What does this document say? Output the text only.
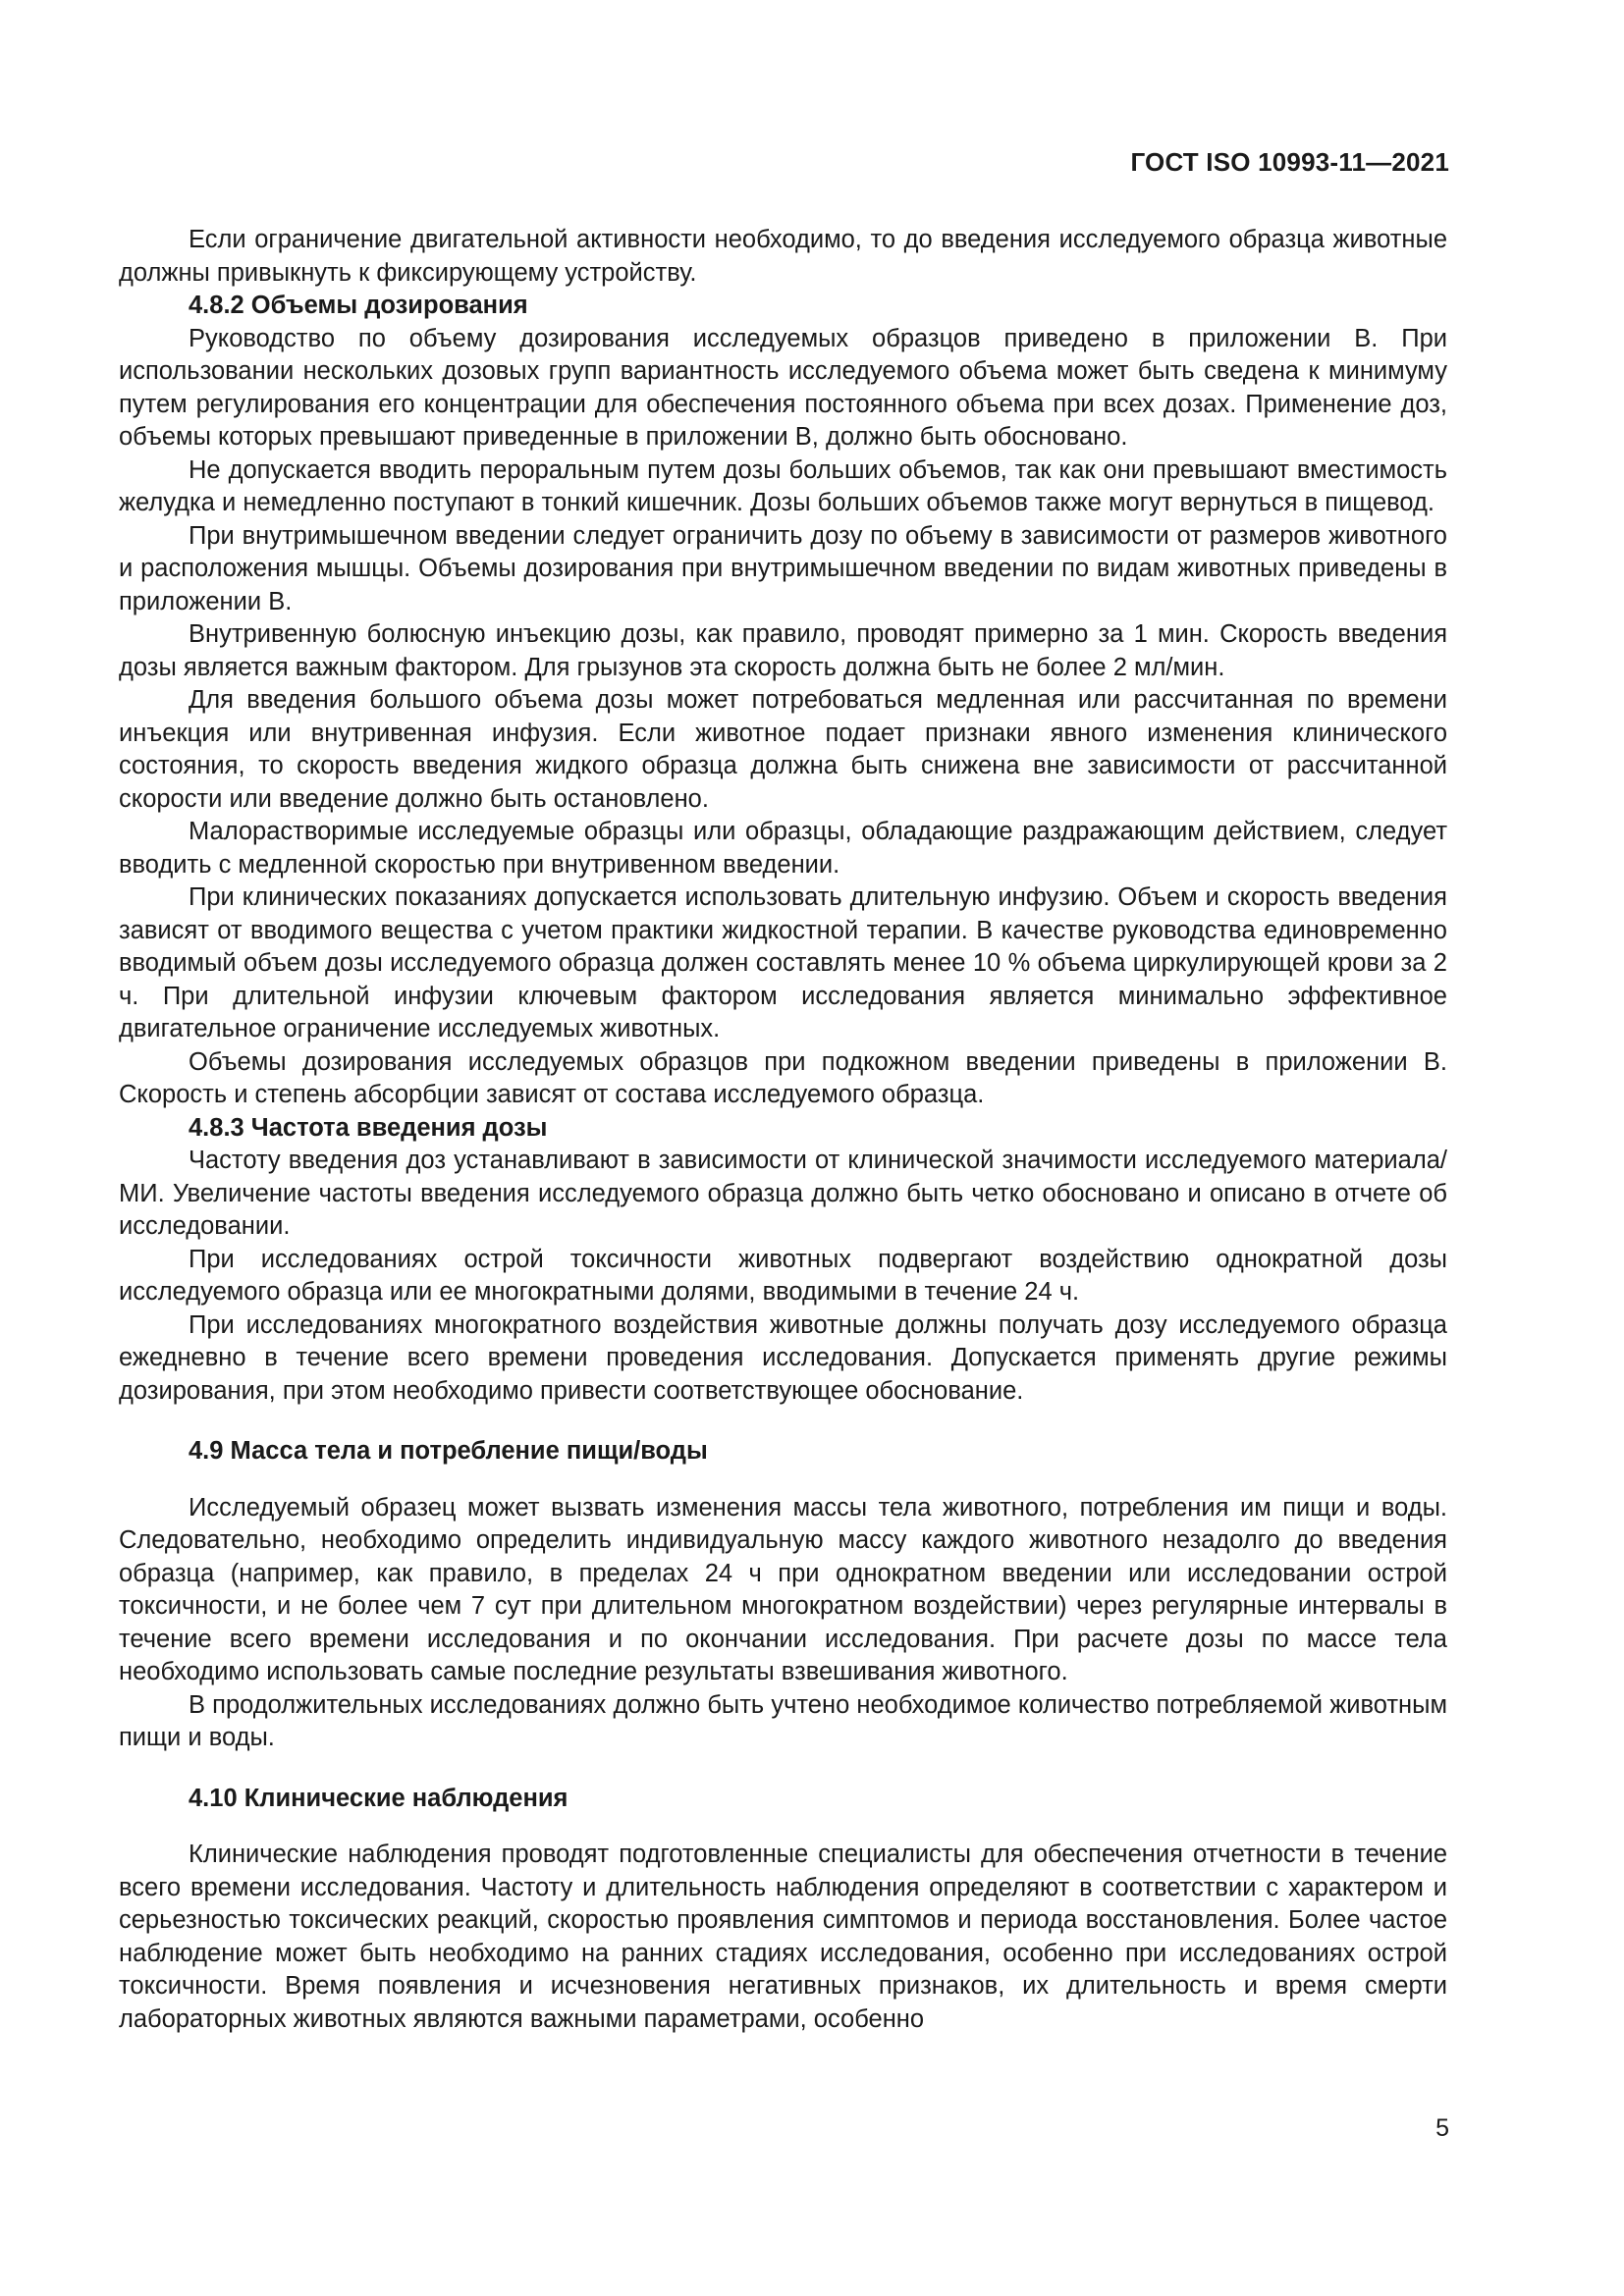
ГОСТ ISO 10993-11—2021

Если ограничение двигательной активности необходимо, то до введения исследуемого образца животные должны привыкнуть к фиксирующему устройству.

4.8.2 Объемы дозирования

Руководство по объему дозирования исследуемых образцов приведено в приложении В. При использовании нескольких дозовых групп вариантность исследуемого объема может быть сведена к минимуму путем регулирования его концентрации для обеспечения постоянного объема при всех дозах. Применение доз, объемы которых превышают приведенные в приложении В, должно быть обосновано.

Не допускается вводить пероральным путем дозы больших объемов, так как они превышают вместимость желудка и немедленно поступают в тонкий кишечник. Дозы больших объемов также могут вернуться в пищевод.

При внутримышечном введении следует ограничить дозу по объему в зависимости от размеров животного и расположения мышцы. Объемы дозирования при внутримышечном введении по видам животных приведены в приложении В.

Внутривенную болюсную инъекцию дозы, как правило, проводят примерно за 1 мин. Скорость введения дозы является важным фактором. Для грызунов эта скорость должна быть не более 2 мл/мин.

Для введения большого объема дозы может потребоваться медленная или рассчитанная по времени инъекция или внутривенная инфузия. Если животное подает признаки явного изменения клинического состояния, то скорость введения жидкого образца должна быть снижена вне зависимости от рассчитанной скорости или введение должно быть остановлено.

Малорастворимые исследуемые образцы или образцы, обладающие раздражающим действием, следует вводить с медленной скоростью при внутривенном введении.

При клинических показаниях допускается использовать длительную инфузию. Объем и скорость введения зависят от вводимого вещества с учетом практики жидкостной терапии. В качестве руководства единовременно вводимый объем дозы исследуемого образца должен составлять менее 10 % объема циркулирующей крови за 2 ч. При длительной инфузии ключевым фактором исследования является минимально эффективное двигательное ограничение исследуемых животных.

Объемы дозирования исследуемых образцов при подкожном введении приведены в приложении В. Скорость и степень абсорбции зависят от состава исследуемого образца.

4.8.3 Частота введения дозы

Частоту введения доз устанавливают в зависимости от клинической значимости исследуемого материала/МИ. Увеличение частоты введения исследуемого образца должно быть четко обосновано и описано в отчете об исследовании.

При исследованиях острой токсичности животных подвергают воздействию однократной дозы исследуемого образца или ее многократными долями, вводимыми в течение 24 ч.

При исследованиях многократного воздействия животные должны получать дозу исследуемого образца ежедневно в течение всего времени проведения исследования. Допускается применять другие режимы дозирования, при этом необходимо привести соответствующее обоснование.

4.9 Масса тела и потребление пищи/воды

Исследуемый образец может вызвать изменения массы тела животного, потребления им пищи и воды. Следовательно, необходимо определить индивидуальную массу каждого животного незадолго до введения образца (например, как правило, в пределах 24 ч при однократном введении или исследовании острой токсичности, и не более чем 7 сут при длительном многократном воздействии) через регулярные интервалы в течение всего времени исследования и по окончании исследования. При расчете дозы по массе тела необходимо использовать самые последние результаты взвешивания животного.

В продолжительных исследованиях должно быть учтено необходимое количество потребляемой животным пищи и воды.

4.10 Клинические наблюдения

Клинические наблюдения проводят подготовленные специалисты для обеспечения отчетности в течение всего времени исследования. Частоту и длительность наблюдения определяют в соответствии с характером и серьезностью токсических реакций, скоростью проявления симптомов и периода восстановления. Более частое наблюдение может быть необходимо на ранних стадиях исследования, особенно при исследованиях острой токсичности. Время появления и исчезновения негативных признаков, их длительность и время смерти лабораторных животных являются важными параметрами, особенно

5
